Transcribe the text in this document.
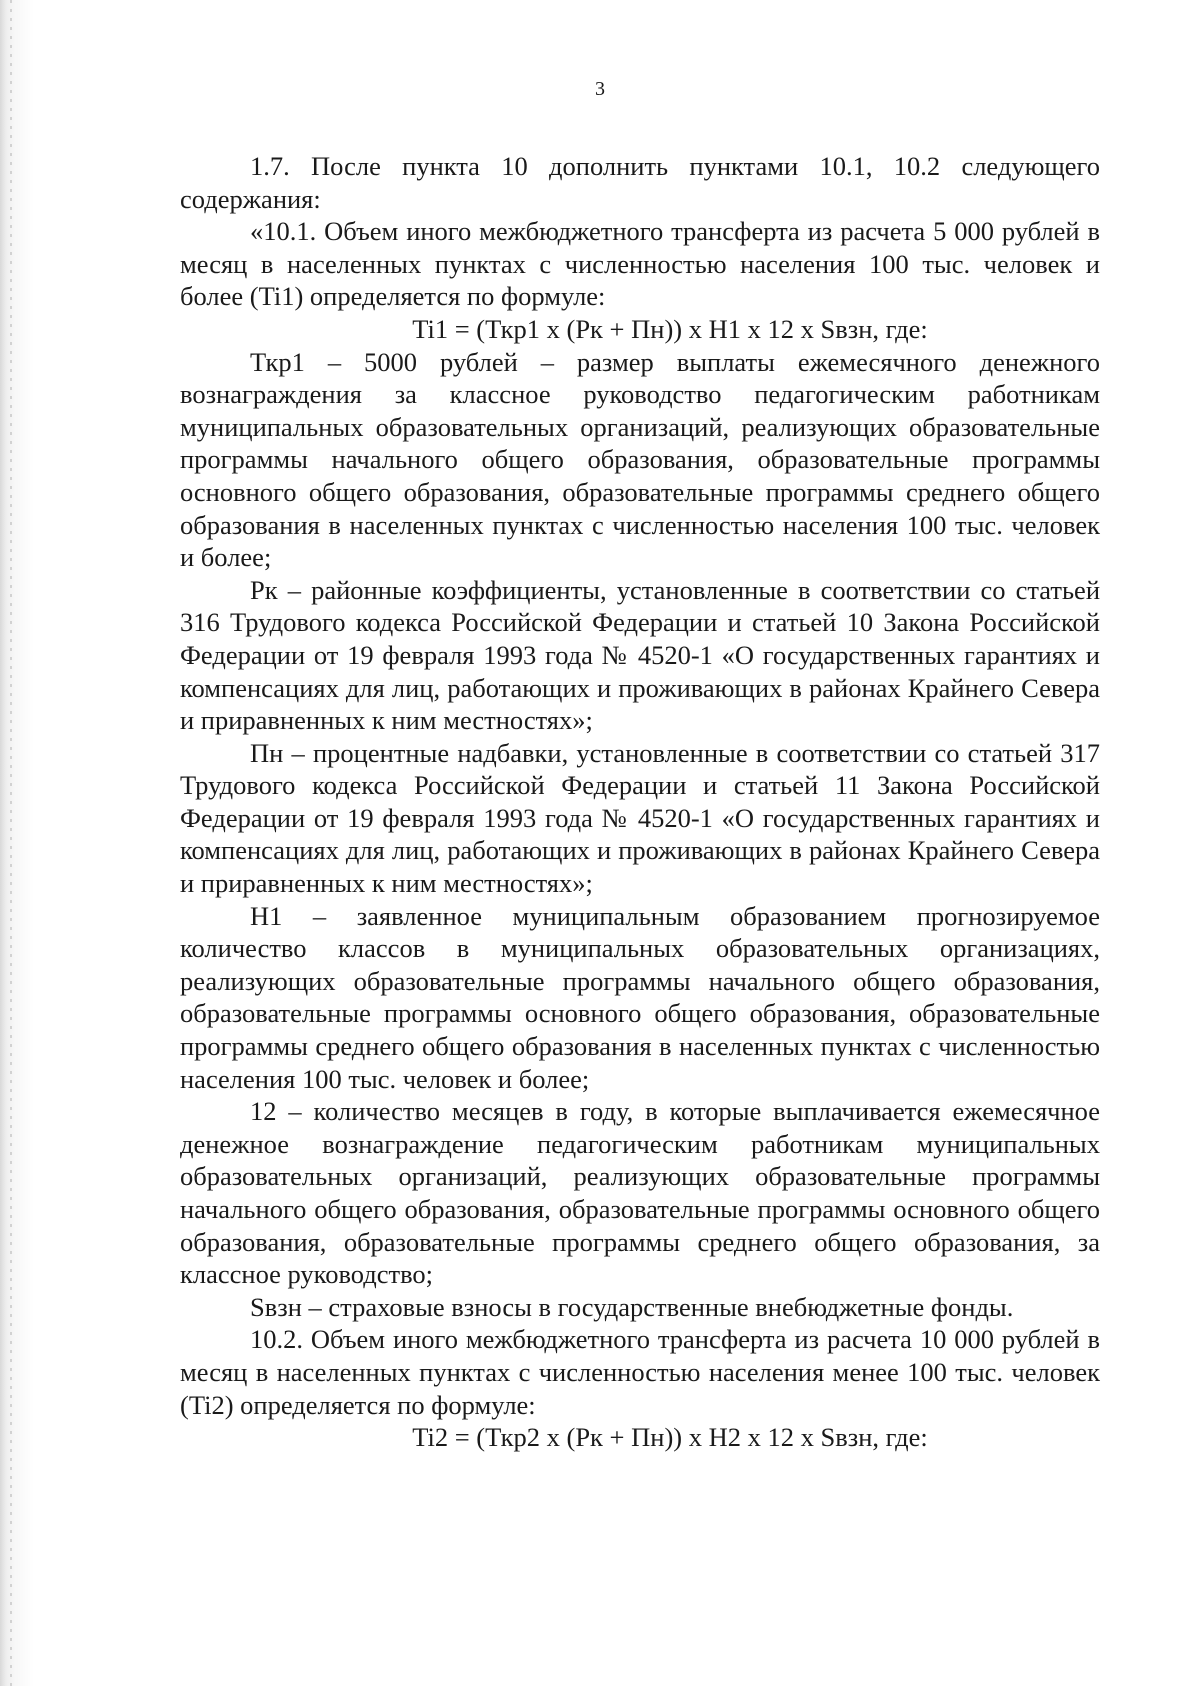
3

1.7. После пункта 10 дополнить пунктами 10.1, 10.2 следующего содержания:

«10.1. Объем иного межбюджетного трансферта из расчета 5 000 рублей в месяц в населенных пунктах с численностью населения 100 тыс. человек и более (Ti1) определяется по формуле:

Ti1 = (Ткр1 х (Рк + Пн)) х Н1 х 12 х Sвзн, где:

Ткр1 – 5000 рублей – размер выплаты ежемесячного денежного вознаграждения за классное руководство педагогическим работникам муниципальных образовательных организаций, реализующих образовательные программы начального общего образования, образовательные программы основного общего образования, образовательные программы среднего общего образования в населенных пунктах с численностью населения 100 тыс. человек и более;

Рк – районные коэффициенты, установленные в соответствии со статьей 316 Трудового кодекса Российской Федерации и статьей 10 Закона Российской Федерации от 19 февраля 1993 года № 4520-1 «О государственных гарантиях и компенсациях для лиц, работающих и проживающих в районах Крайнего Севера и приравненных к ним местностях»;

Пн – процентные надбавки, установленные в соответствии со статьей 317 Трудового кодекса Российской Федерации и статьей 11 Закона Российской Федерации от 19 февраля 1993 года № 4520-1 «О государственных гарантиях и компенсациях для лиц, работающих и проживающих в районах Крайнего Севера и приравненных к ним местностях»;

Н1 – заявленное муниципальным образованием прогнозируемое количество классов в муниципальных образовательных организациях, реализующих образовательные программы начального общего образования, образовательные программы основного общего образования, образовательные программы среднего общего образования в населенных пунктах с численностью населения 100 тыс. человек и более;

12 – количество месяцев в году, в которые выплачивается ежемесячное денежное вознаграждение педагогическим работникам муниципальных образовательных организаций, реализующих образовательные программы начального общего образования, образовательные программы основного общего образования, образовательные программы среднего общего образования, за классное руководство;

Sвзн – страховые взносы в государственные внебюджетные фонды.

10.2. Объем иного межбюджетного трансферта из расчета 10 000 рублей в месяц в населенных пунктах с численностью населения менее 100 тыс. человек (Ti2) определяется по формуле:

Ti2 = (Ткр2 х (Рк + Пн)) х Н2 х 12 х Sвзн, где:
